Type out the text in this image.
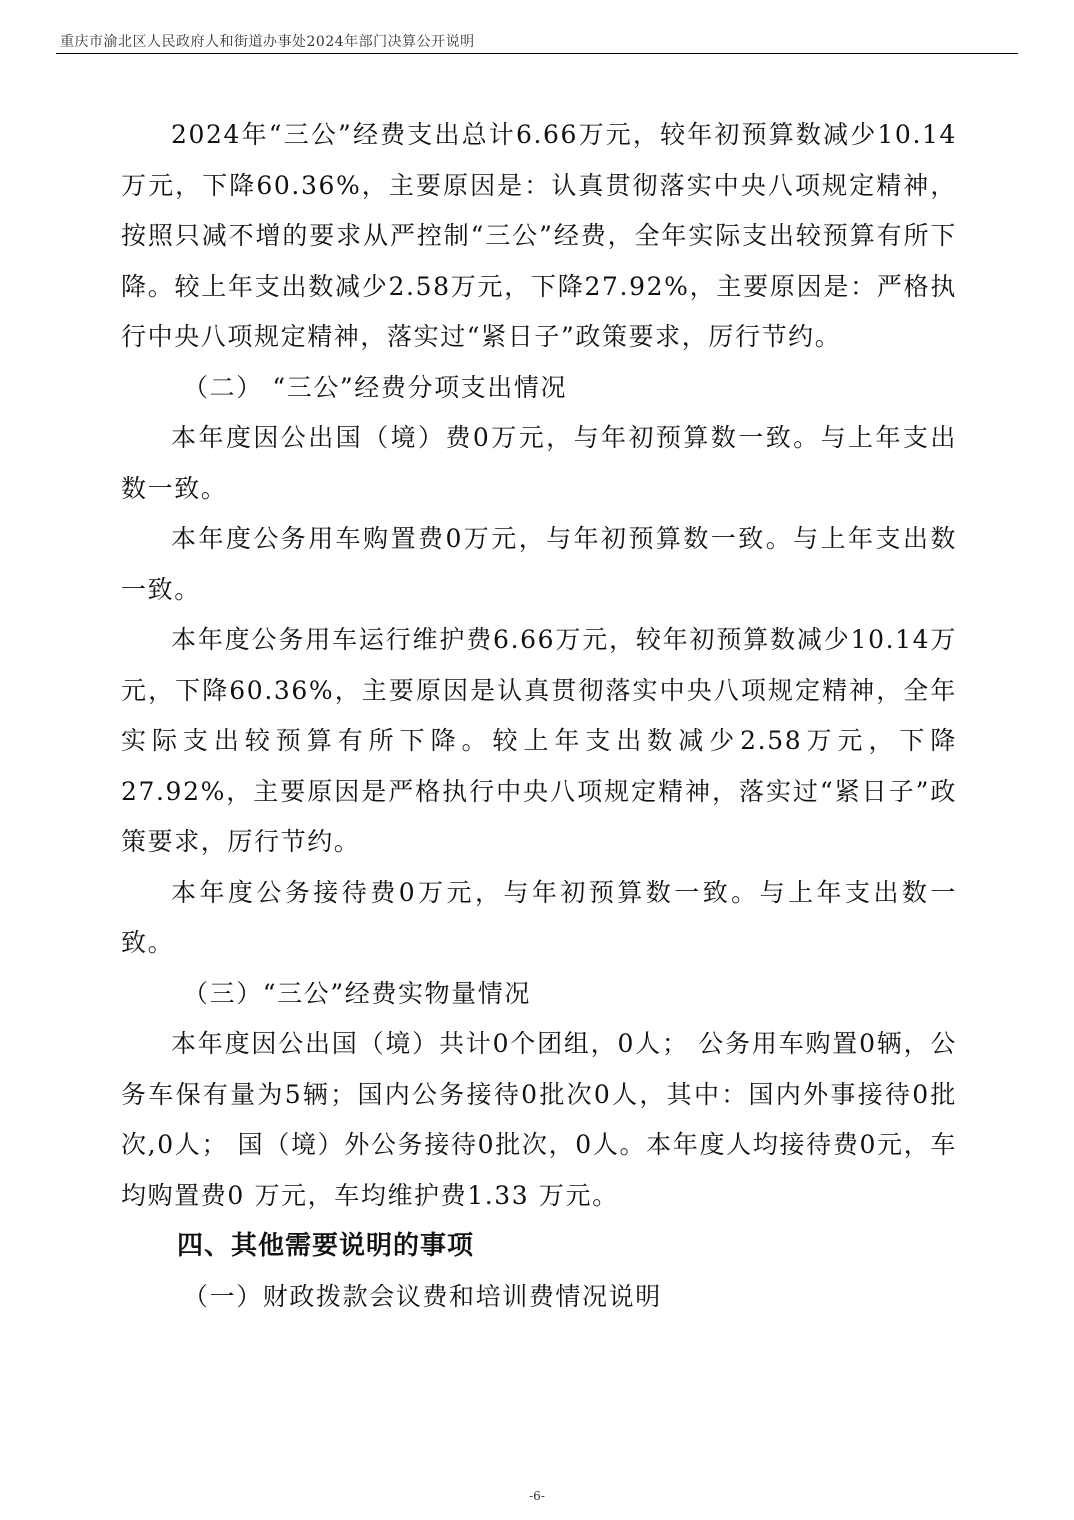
重庆市渝北区人民政府人和街道办事处2024年部门决算公开说明

2024年“三公”经费支出总计6.66万元，较年初预算数减少10.14万元，下降60.36%，主要原因是：认真贯彻落实中央八项规定精神，按照只减不增的要求从严控制“三公”经费，全年实际支出较预算有所下降。较上年支出数减少2.58万元，下降27.92%，主要原因是：严格执行中央八项规定精神，落实过“紧日子”政策要求，厉行节约。

（二） “三公”经费分项支出情况

本年度因公出国（境）费0万元，与年初预算数一致。与上年支出数一致。

本年度公务用车购置费0万元，与年初预算数一致。与上年支出数一致。

本年度公务用车运行维护费6.66万元，较年初预算数减少10.14万元，下降60.36%，主要原因是认真贯彻落实中央八项规定精神，全年实际支出较预算有所下降。较上年支出数减少2.58万元，下降27.92%，主要原因是严格执行中央八项规定精神，落实过“紧日子”政策要求，厉行节约。

本年度公务接待费0万元，与年初预算数一致。与上年支出数一致。

（三）“三公”经费实物量情况

本年度因公出国（境）共计0个团组，0人； 公务用车购置0辆，公务车保有量为5辆；国内公务接待0批次0人，其中：国内外事接待0批次,0人； 国（境）外公务接待0批次，0人。本年度人均接待费0元，车均购置费0 万元，车均维护费1.33 万元。

四、其他需要说明的事项

（一）财政拨款会议费和培训费情况说明

-6-
